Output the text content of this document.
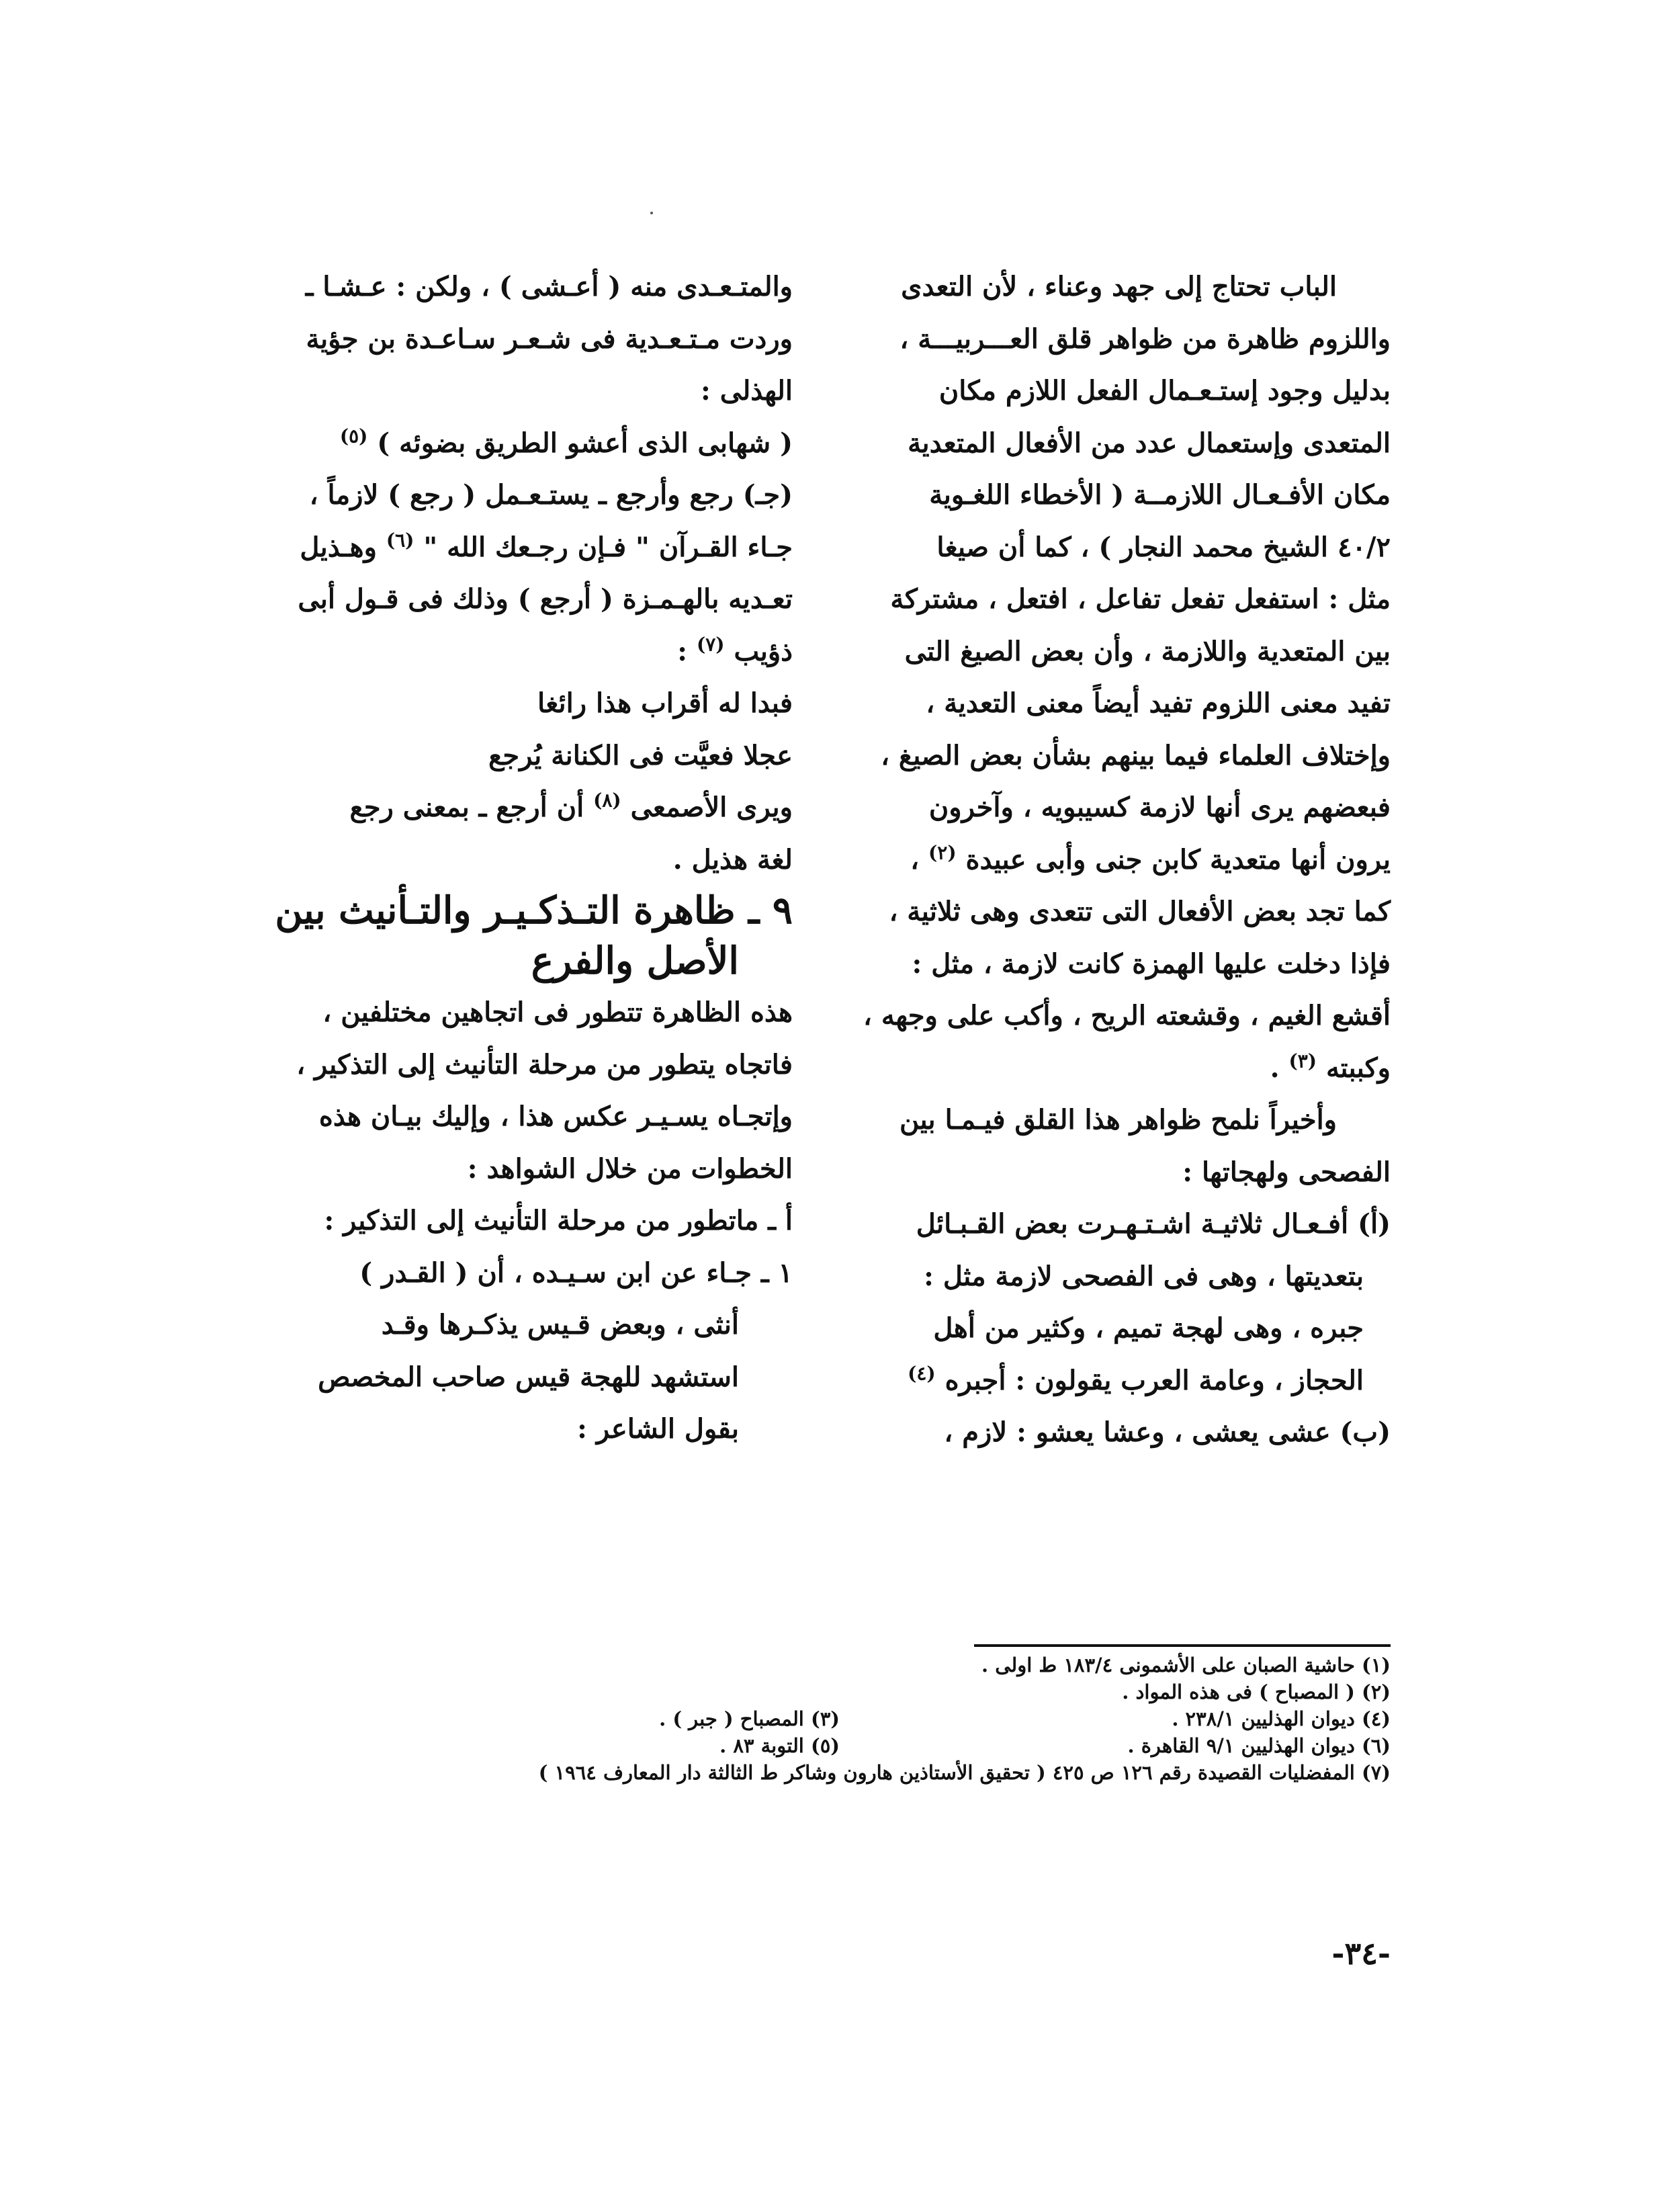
الباب تحتاج إلى جهد وعناء ، لأن التعدى
واللزوم ظاهرة من ظواهر قلق العـــربيـــة ،
بدليل وجود إستـعـمال الفعل اللازم مكان
المتعدى وإستعمال عدد من الأفعال المتعدية
مكان الأفـعـال اللازمــة ( الأخطاء اللغـوية
٤٠/٢ الشيخ محمد النجار ) ، كما أن صيغا
مثل : استفعل تفعل تفاعل ، افتعل ، مشتركة
بين المتعدية واللازمة ، وأن بعض الصيغ التى
تفيد معنى اللزوم تفيد أيضاً معنى التعدية ،
وإختلاف العلماء فيما بينهم بشأن بعض الصيغ ،
فبعضهم يرى أنها لازمة كسيبويه ، وآخرون
يرون أنها متعدية كابن جنى وأبى عبيدة $^{(٢)}$ ،
كما تجد بعض الأفعال التى تتعدى وهى ثلاثية ،
فإذا دخلت عليها الهمزة كانت لازمة ، مثل :
أقشع الغيم ، وقشعته الريح ، وأكب على وجهه ،
وكببته $^{(٣)}$ .
وأخيراً نلمح ظواهر هذا القلق فيـمـا بين
الفصحى ولهجاتها :
(أ) أفـعـال ثلاثيـة اشـتـهـرت بعض القـبـائل
بتعديتها ، وهى فى الفصحى لازمة مثل :
جبره ، وهى لهجة تميم ، وكثير من أهل
الحجاز ، وعامة العرب يقولون : أجبره $^{(٤)}$
(ب) عشى يعشى ، وعشا يعشو : لازم ،
والمتـعـدى منه ( أعـشى ) ، ولكن : عـشـا ـ
وردت مـتـعـدية فى شـعـر سـاعـدة بن جؤية
الهذلى :
( شهابى الذى أعشو الطريق بضوئه ) $^{(٥)}$
(جـ) رجع وأرجع ـ يستـعـمل ( رجع ) لازماً ،
جـاء القـرآن " فـإن رجـعك الله " $^{(٦)}$ وهـذيل
تعـديه بالهـمـزة ( أرجع ) وذلك فى قـول أبى
ذؤيب $^{(٧)}$ :
فبدا له أقراب هذا رائغا
عجلا فعيَّت فى الكنانة يُرجع
ويرى الأصمعى $^{(٨)}$ أن أرجع ـ بمعنى رجع
لغة هذيل .
٩ ـ ظاهرة التـذكـيـر والتـأنيث بين
الأصل والفرع
هذه الظاهرة تتطور فى اتجاهين مختلفين ،
فاتجاه يتطور من مرحلة التأنيث إلى التذكير ،
وإتجـاه يسـيـر عكس هذا ، وإليك بيـان هذه
الخطوات من خلال الشواهد :
أ ـ ماتطور من مرحلة التأنيث إلى التذكير :
١ ـ جـاء عن ابن سـيـده ، أن ( القـدر )
أنثى ، وبعض قـيس يذكـرها وقـد
استشهد للهجة قيس صاحب المخصص
بقول الشاعر :
(١) حاشية الصبان على الأشمونى ١٨٣/٤ ط اولى .
(٢) ( المصباح ) فى هذه المواد .
(٤) ديوان الهذليين ٢٣٨/١ .
(٦) ديوان الهذليين ٩/١ القاهرة .
(٧) المفضليات القصيدة رقم ١٢٦ ص ٤٢٥ ( تحقيق الأستاذين هارون وشاكر ط الثالثة دار المعارف ١٩٦٤ )
(٣) المصباح ( جبر ) .
(٥) التوبة ٨٣ .
-٣٤-
